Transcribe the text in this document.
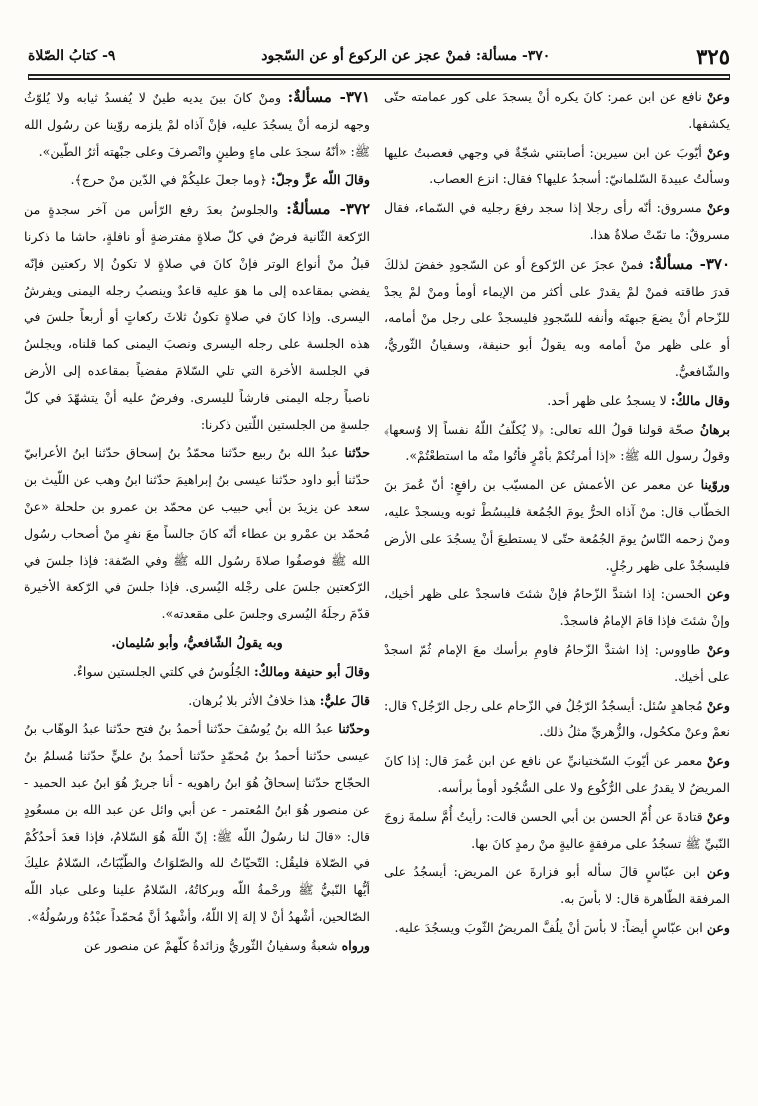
٣٢٥
٣٧٠- مسألة: فمنْ عجز عن الركوع أو عن السّجود
٩- كتابُ الصّلاة

وعنْ نافع عن ابن عمر: كانَ يكره أنْ يسجدَ على كور عمامته حتّى يكشفها.

وعنْ أيّوبَ عن ابن سيرين: أصابتني شجّةٌ في وجهي فعصبتُ عليها وسألتُ عبيدةَ السّلمانيّ: أسجدُ عليها؟ فقال: انزع العصاب.

وعنْ مسروق: أنّه رأى رجلا إذا سجد رفعَ رجليه في السّماء، فقال مسروقٌ: ما تمّتْ صلاةُ هذا.

٣٧٠- مسألةٌ: فمنْ عجزَ عن الرّكوع أو عن السّجودِ خفضَ لذلكَ قدرَ طاقته فمنْ لمْ يقدرْ على أكثر من الإيماء أومأ ومنْ لمْ يجدْ للزّحام أنْ يضعَ جبهتَه وأنفه للسّجودِ فليسجدْ على رجل منْ أمامه، أو على ظهر منْ أمامه وبه يقولُ أبو حنيفة، وسفيانُ الثّوريُّ، والشّافعيُّ.

وقال مالكٌ: لا يسجدُ على ظهر أحد.

برهانُ صحّة قولنا قولُ الله تعالى: ﴿لا يُكلّفُ اللّهُ نفساً إلا وُسعها﴾ وقولُ رسول الله ﷺ: «إذا أمرتُكمْ بأمْرٍ فأتُوا منْه ما استطعْتُمْ».

وروّينا عن معمر عن الأعمش عن المسيّب بن رافعٍ: أنّ عُمرَ بنَ الخطّاب قال: منْ آذاه الحرُّ يومَ الجُمُعة فليبسُطْ ثوبه ويسجدْ عليه، ومنْ زحمه النّاسُ يومَ الجُمُعة حتّى لا يستطيعَ أنْ يسجُدَ على الأرض فليسجُدْ على ظهر رجُلٍ.

وعن الحسن: إذا اشتدَّ الزّحامُ فإنْ شئتَ فاسجدْ على ظهر أخيك، وإنْ شئتَ فإذا قامَ الإمامُ فاسجدْ.

وعنْ طاووس: إذا اشتدَّ الزّحامُ فاومِ برأسك معَ الإمام ثُمّ اسجدْ على أخيك.

وعنْ مُجاهدٍ سُئل: أيسجُدُ الرّجُلُ في الزّحام على رجل الرّجُل؟ قال: نعمْ وعنْ مكحُول، والزُّهريِّ مثلُ ذلك.

وعنْ معمر عن أيّوبَ السّختيانيِّ عن نافع عن ابن عُمرَ قال: إذا كانَ المريضُ لا يقدرُ على الرُّكُوع ولا على السُّجُود أومأ برأسه.

وعنْ قتادةَ عن أُمّ الحسن بن أبي الحسن قالت: رأيتُ أُمَّ سلمةَ زوجَ النّبيِّ ﷺ تسجُدُ على مرفقةٍ عاليةٍ منْ رمدٍ كانَ بها.

وعن ابن عبّاسٍ قالَ سأله أبو فزارةَ عن المريض: أيسجُدُ على المرفقة الطّاهرة قال: لا بأسَ به.

وعن ابن عبّاسٍ أيضاً: لا بأسَ أنْ يلُفَّ المريضُ الثّوبَ ويسجُدَ عليه.

٣٧١- مسألةٌ: ومنْ كانَ بينَ يديه طينٌ لا يُفسدُ ثيابه ولا يُلوّثُ وجهه لزمه أنْ يسجُدَ عليه، فإنْ آذاه لمْ يلزمه روّينا عن رسُول الله ﷺ: «أنّهُ سجدَ على ماءٍ وطينٍ وانْصرفَ وعلى جبْهته أثرُ الطّين».

وقالَ اللّه عزَّ وجلّ: ﴿وما جعلَ عليكُمْ في الدّين منْ حرج﴾.

٣٧٢- مسألةٌ: والجلوسُ بعدَ رفع الرّأس من آخر سجدةٍ من الرّكعة الثّانية فرضٌ في كلّ صلاةٍ مفترضةٍ أو نافلةٍ، حاشا ما ذكرنا قبلُ منْ أنواع الوتر فإنْ كانَ في صلاةٍ لا تكونُ إلا ركعتين فإنّه يفضي بمقاعده إلى ما هوَ عليه قاعدٌ وينصبُ رجله اليمنى ويفرشُ اليسرى. وإذا كانَ في صلاةٍ تكونُ ثلاثَ ركعاتٍ أو أربعاً جلسَ في هذه الجلسة على رجله اليسرى ونصبَ اليمنى كما قلناه، ويجلسُ في الجلسة الأخرة التي تلي السّلامَ مفضياً بمقاعده إلى الأرض ناصباً رجله اليمنى فارشاً لليسرى. وفرضٌ عليه أنْ يتشهّدَ في كلّ جلسةٍ من الجلستين اللّتين ذكرنا:

حدّثنا عبدُ الله بنُ ربيع حدّثنا محمّدُ بنُ إسحاق حدّثنا ابنُ الأعرابيّ حدّثنا أبو داود حدّثنا عيسى بنُ إبراهيمَ حدّثنا ابنُ وهب عن اللّيث بن سعد عن يزيدَ بن أبي حبيب عن محمّد بن عمرو بن حلحلة «عنْ مُحمّد بن عمْرو بن عطاء أنّه كانَ جالساً معَ نفرٍ منْ أصحاب رسُول الله ﷺ فوصفُوا صلاةَ رسُول الله ﷺ وفي الصّفة: فإذا جلسَ في الرّكعتين جلسَ على رجْله اليُسرى. فإذا جلسَ في الرّكعة الأخيرة قدّمَ رجلَهُ اليُسرى وجلسَ على مقعدته».

وبه يقولُ الشّافعيُّ، وأبو سُليمان.

وقالَ أبو حنيفة ومالكٌ: الجُلُوسُ في كلتي الجلستين سواءٌ.

قالَ عليٌّ: هذا خلافُ الأثر بلا بُرهان.

وحدّثنا عبدُ الله بنُ يُوسُفَ حدّثنا أحمدُ بنُ فتح حدّثنا عبدُ الوهّاب بنُ عيسى حدّثنا أحمدُ بنُ مُحمّدٍ حدّثنا أحمدُ بنُ عليٍّ حدّثنا مُسلمُ بنُ الحجّاج حدّثنا إسحاقُ هُوَ ابنُ راهويه - أنا جريرٌ هُوَ ابنُ عبد الحميد - عن منصور هُوَ ابنُ المُعتمر - عن أبي وائل عن عبد الله بن مسعُودٍ قال: «قالَ لنا رسُولُ اللّه ﷺ: إنّ اللّهَ هُوَ السّلامُ، فإذا قعدَ أحدُكُمْ في الصّلاة فليقُل: التّحيّاتُ لله والصّلوَاتُ والطّيّبَاتُ، السّلامُ عليكَ أيُّها النّبيُّ ﷺ ورحْمةُ اللّه وبركاتُهُ، السّلامُ علينا وعلى عباد اللّه الصّالحين، أشْهدُ أنْ لا إلهَ إلا اللّهُ، وأشْهدُ أنَّ مُحمّداً عبْدُهُ ورسُولُهُ».

ورواه شعبةُ وسفيانُ الثّوريُّ وزائدةُ كلّهمْ عن منصور عن
